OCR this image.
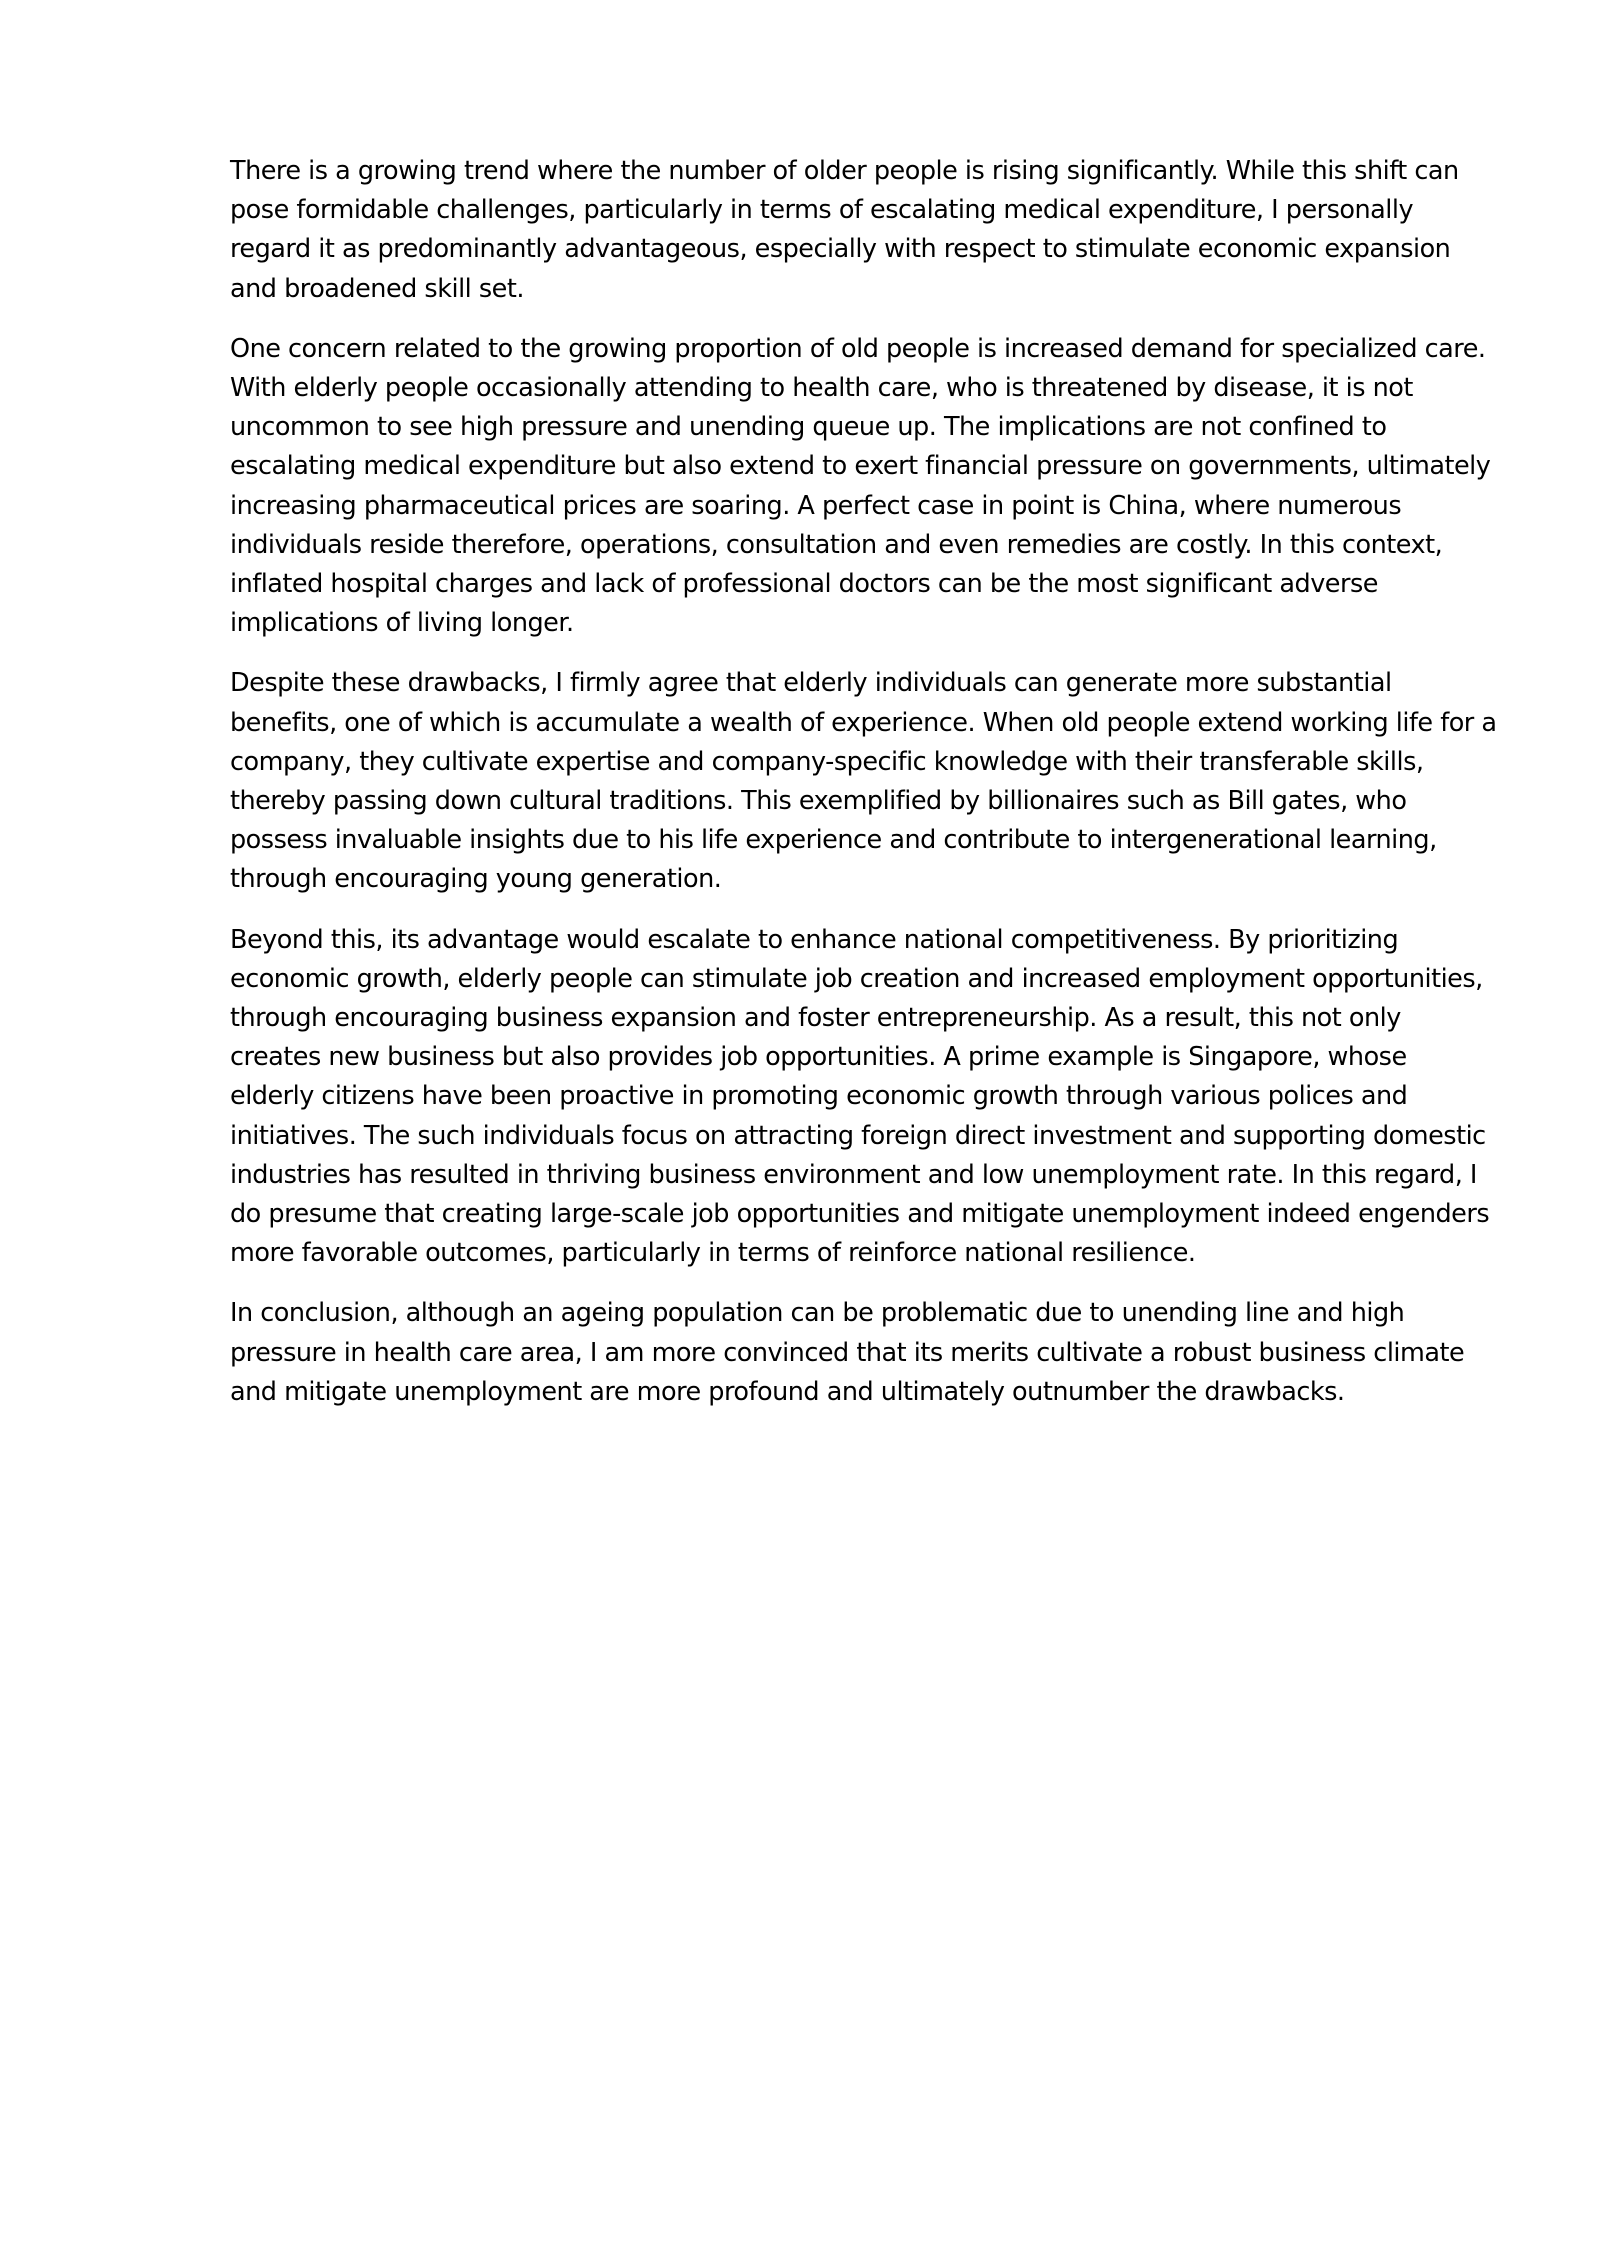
There is a growing trend where the number of older people is rising significantly. While this shift can pose formidable challenges, particularly in terms of escalating medical expenditure, I personally regard it as predominantly advantageous, especially with respect to stimulate economic expansion and broadened skill set.

One concern related to the growing proportion of old people is increased demand for specialized care. With elderly people occasionally attending to health care, who is threatened by disease, it is not uncommon to see high pressure and unending queue up. The implications are not confined to escalating medical expenditure but also extend to exert financial pressure on governments, ultimately increasing pharmaceutical prices are soaring. A perfect case in point is China, where numerous individuals reside therefore, operations, consultation and even remedies are costly. In this context, inflated hospital charges and lack of professional doctors can be the most significant adverse implications of living longer.

Despite these drawbacks, I firmly agree that elderly individuals can generate more substantial benefits, one of which is accumulate a wealth of experience. When old people extend working life for a company, they cultivate expertise and company-specific knowledge with their transferable skills, thereby passing down cultural traditions. This exemplified by billionaires such as Bill gates, who possess invaluable insights due to his life experience and contribute to intergenerational learning, through encouraging young generation.

Beyond this, its advantage would escalate to enhance national competitiveness. By prioritizing economic growth, elderly people can stimulate job creation and increased employment opportunities, through encouraging business expansion and foster entrepreneurship. As a result, this not only creates new business but also provides job opportunities. A prime example is Singapore, whose elderly citizens have been proactive in promoting economic growth through various polices and initiatives. The such individuals focus on attracting foreign direct investment and supporting domestic industries has resulted in thriving business environment and low unemployment rate. In this regard, I do presume that creating large-scale job opportunities and mitigate unemployment indeed engenders more favorable outcomes, particularly in terms of reinforce national resilience.

In conclusion, although an ageing population can be problematic due to unending line and high pressure in health care area, I am more convinced that its merits cultivate a robust business climate and mitigate unemployment are more profound and ultimately outnumber the drawbacks.
